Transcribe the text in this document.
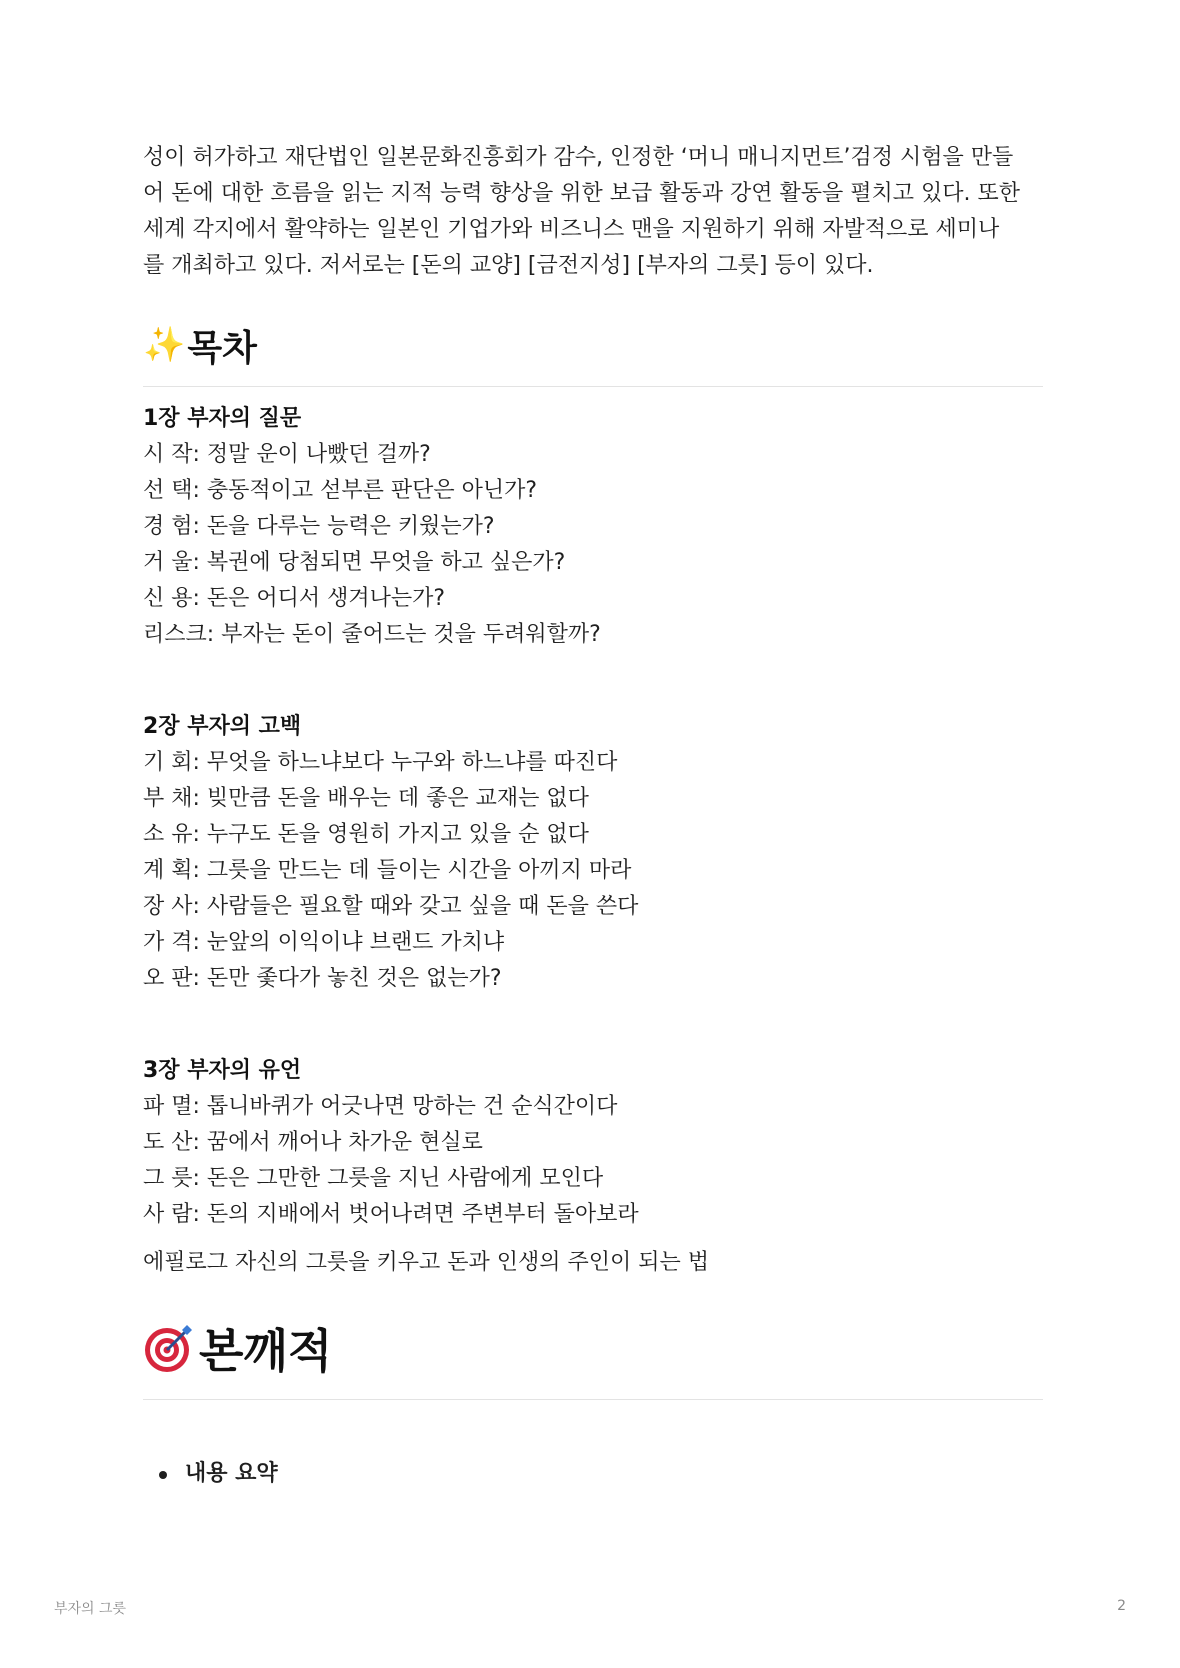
성이 허가하고 재단법인 일본문화진흥회가 감수, 인정한 ‘머니 매니지먼트’검정 시험을 만들
어 돈에 대한 흐름을 읽는 지적 능력 향상을 위한 보급 활동과 강연 활동을 펼치고 있다. 또한
세계 각지에서 활약하는 일본인 기업가와 비즈니스 맨을 지원하기 위해 자발적으로 세미나
를 개최하고 있다. 저서로는 [돈의 교양] [금전지성] [부자의 그릇] 등이 있다.
✨ 목차
1장 부자의 질문
시 작: 정말 운이 나빴던 걸까?
선 택: 충동적이고 섣부른 판단은 아닌가?
경 험: 돈을 다루는 능력은 키웠는가?
거 울: 복권에 당첨되면 무엇을 하고 싶은가?
신 용: 돈은 어디서 생겨나는가?
리스크: 부자는 돈이 줄어드는 것을 두려워할까?
2장 부자의 고백
기 회: 무엇을 하느냐보다 누구와 하느냐를 따진다
부 채: 빚만큼 돈을 배우는 데 좋은 교재는 없다
소 유: 누구도 돈을 영원히 가지고 있을 순 없다
계 획: 그릇을 만드는 데 들이는 시간을 아끼지 마라
장 사: 사람들은 필요할 때와 갖고 싶을 때 돈을 쓴다
가 격: 눈앞의 이익이냐 브랜드 가치냐
오 판: 돈만 좇다가 놓친 것은 없는가?
3장 부자의 유언
파 멸: 톱니바퀴가 어긋나면 망하는 건 순식간이다
도 산: 꿈에서 깨어나 차가운 현실로
그 릇: 돈은 그만한 그릇을 지닌 사람에게 모인다
사 람: 돈의 지배에서 벗어나려면 주변부터 돌아보라
에필로그 자신의 그릇을 키우고 돈과 인생의 주인이 되는 법
본깨적
내용 요약
부자의 그릇	2
